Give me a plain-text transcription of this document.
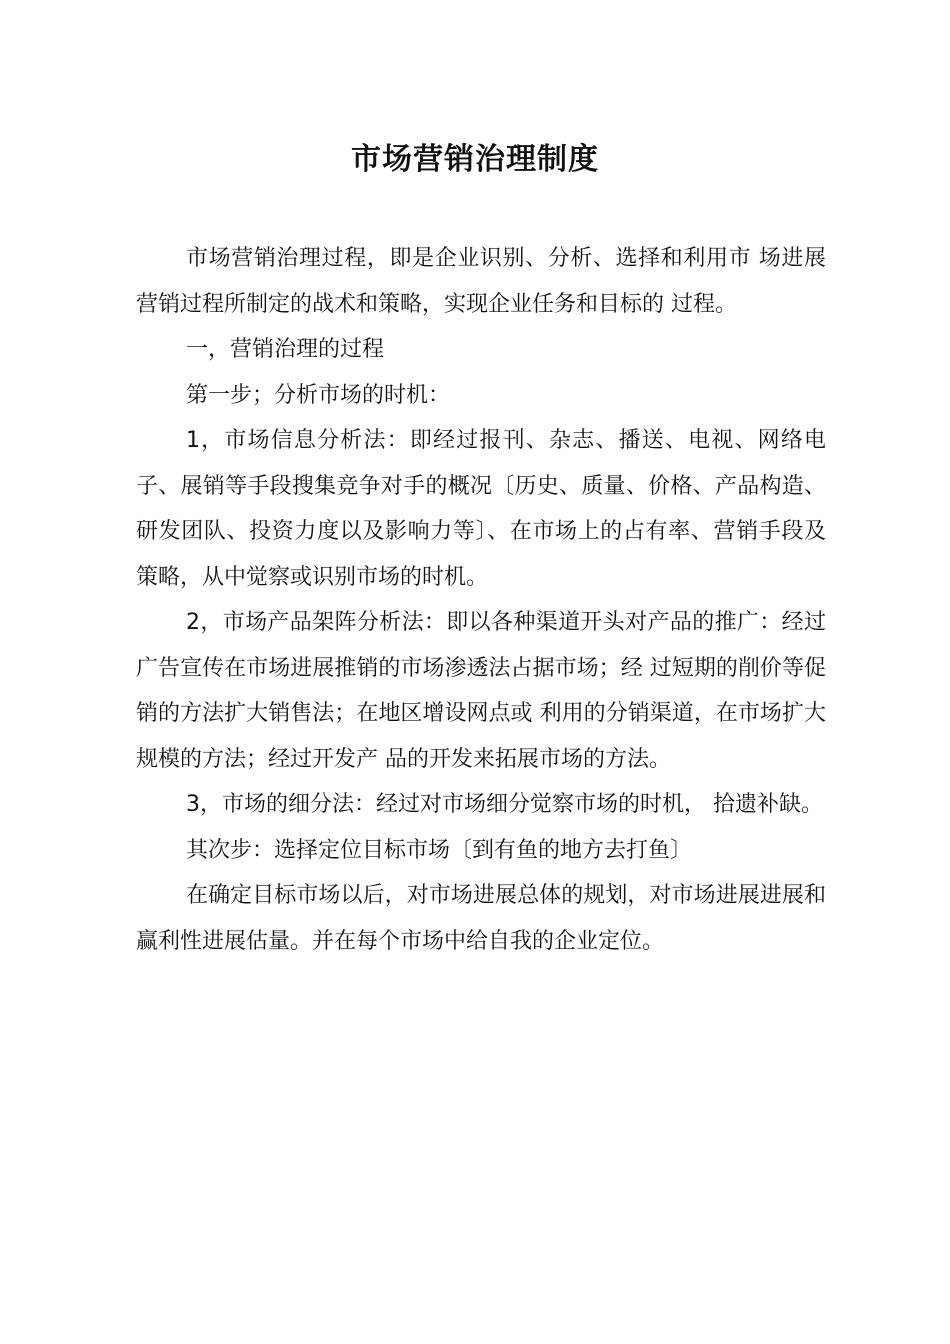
市场营销治理制度

市场营销治理过程，即是企业识别、分析、选择和利用市 场进展营销过程所制定的战术和策略，实现企业任务和目标的 过程。

一，营销治理的过程

第一步；分析市场的时机：

1，市场信息分析法：即经过报刊、杂志、播送、电视、网络电子、展销等手段搜集竞争对手的概况〔历史、质量、价格、产品构造、研发团队、投资力度以及影响力等〕、在市场上的占有率、营销手段及策略，从中觉察或识别市场的时机。

2，市场产品架阵分析法：即以各种渠道开头对产品的推广：经过广告宣传在市场进展推销的市场渗透法占据市场；经 过短期的削价等促销的方法扩大销售法；在地区增设网点或 利用的分销渠道，在市场扩大规模的方法；经过开发产 品的开发来拓展市场的方法。

3，市场的细分法：经过对市场细分觉察市场的时机， 拾遗补缺。

其次步：选择定位目标市场〔到有鱼的地方去打鱼〕

在确定目标市场以后，对市场进展总体的规划，对市场进展进展和赢利性进展估量。并在每个市场中给自我的企业定位。
